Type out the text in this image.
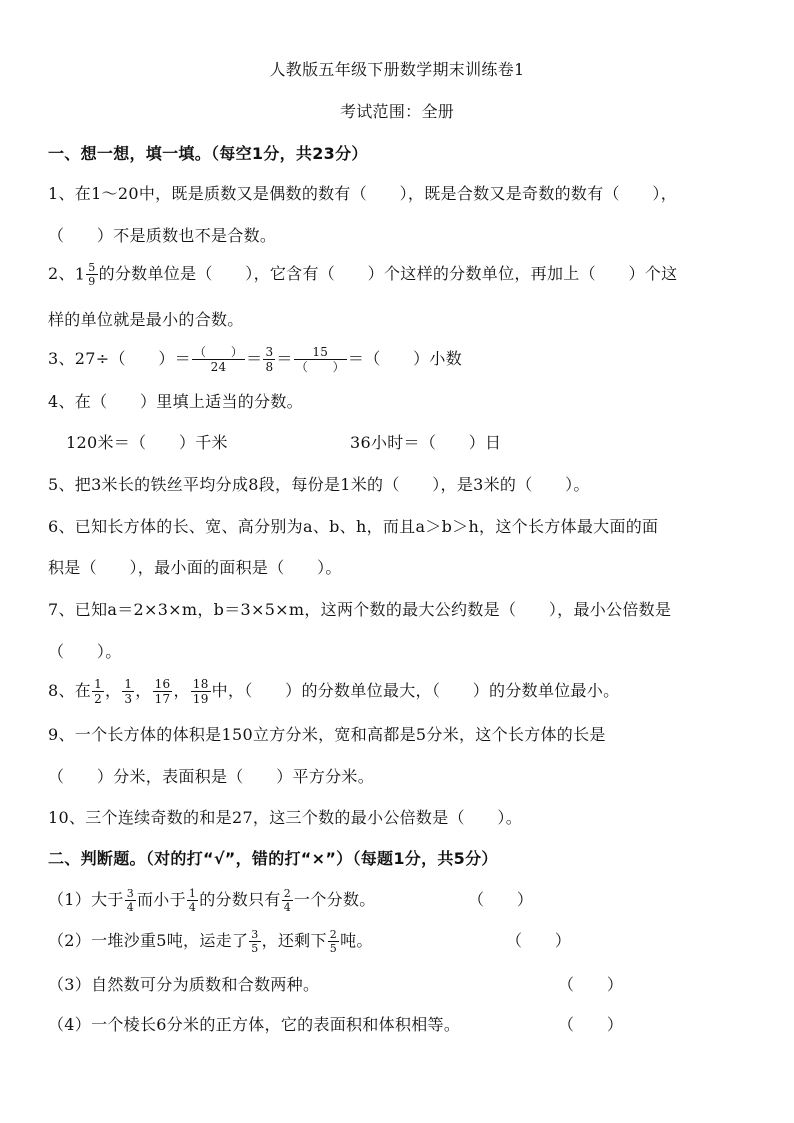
人教版五年级下册数学期末训练卷1
考试范围：全册
一、想一想，填一填。（每空1分，共23分）
1、在1～20中，既是质数又是偶数的数有（　　），既是合数又是奇数的数有（　　），
（　　）不是质数也不是合数。
2、$1 \frac{5}{9}$ 的分数单位是（　　），它含有（　　）个这样的分数单位，再加上（　　）个这
样的单位就是最小的合数。
3、27÷（　　）＝ $\frac{( )}{24} = \frac{3}{8} = \frac{15}{( )}$ ＝（　　）小数
4、在（　　）里填上适当的分数。
120米＝（　　）千米	36小时＝（　　）日
5、把3米长的铁丝平均分成8段，每份是1米的（　　），是3米的（　　）。
6、已知长方体的长、宽、高分别为a、b、h，而且a＞b＞h，这个长方体最大面的面
积是（　　），最小面的面积是（　　）。
7、已知a＝2×3×m，b＝3×5×m，这两个数的最大公约数是（　　），最小公倍数是
（　　）。
8、在 $\frac{1}{2}$ ， $\frac{1}{3}$ ， $\frac{16}{17}$ ， $\frac{18}{19}$ 中，（　　）的分数单位最大，（　　）的分数单位最小。
9、一个长方体的体积是150立方分米，宽和高都是5分米，这个长方体的长是
（　　）分米，表面积是（　　）平方分米。
10、三个连续奇数的和是27，这三个数的最小公倍数是（　　）。
二、判断题。（对的打“√”，错的打“×”）（每题1分，共5分）
（1）大于 $\frac{3}{4}$ 而小于 $\frac{1}{4}$ 的分数只有 $\frac{2}{4}$ 一个分数。	（　　）
（2）一堆沙重5吨，运走了 $\frac{3}{5}$ ，还剩下 $\frac{2}{5}$ 吨。	（　　）
（3）自然数可分为质数和合数两种。	（　　）
（4）一个棱长6分米的正方体，它的表面积和体积相等。	（　　）
